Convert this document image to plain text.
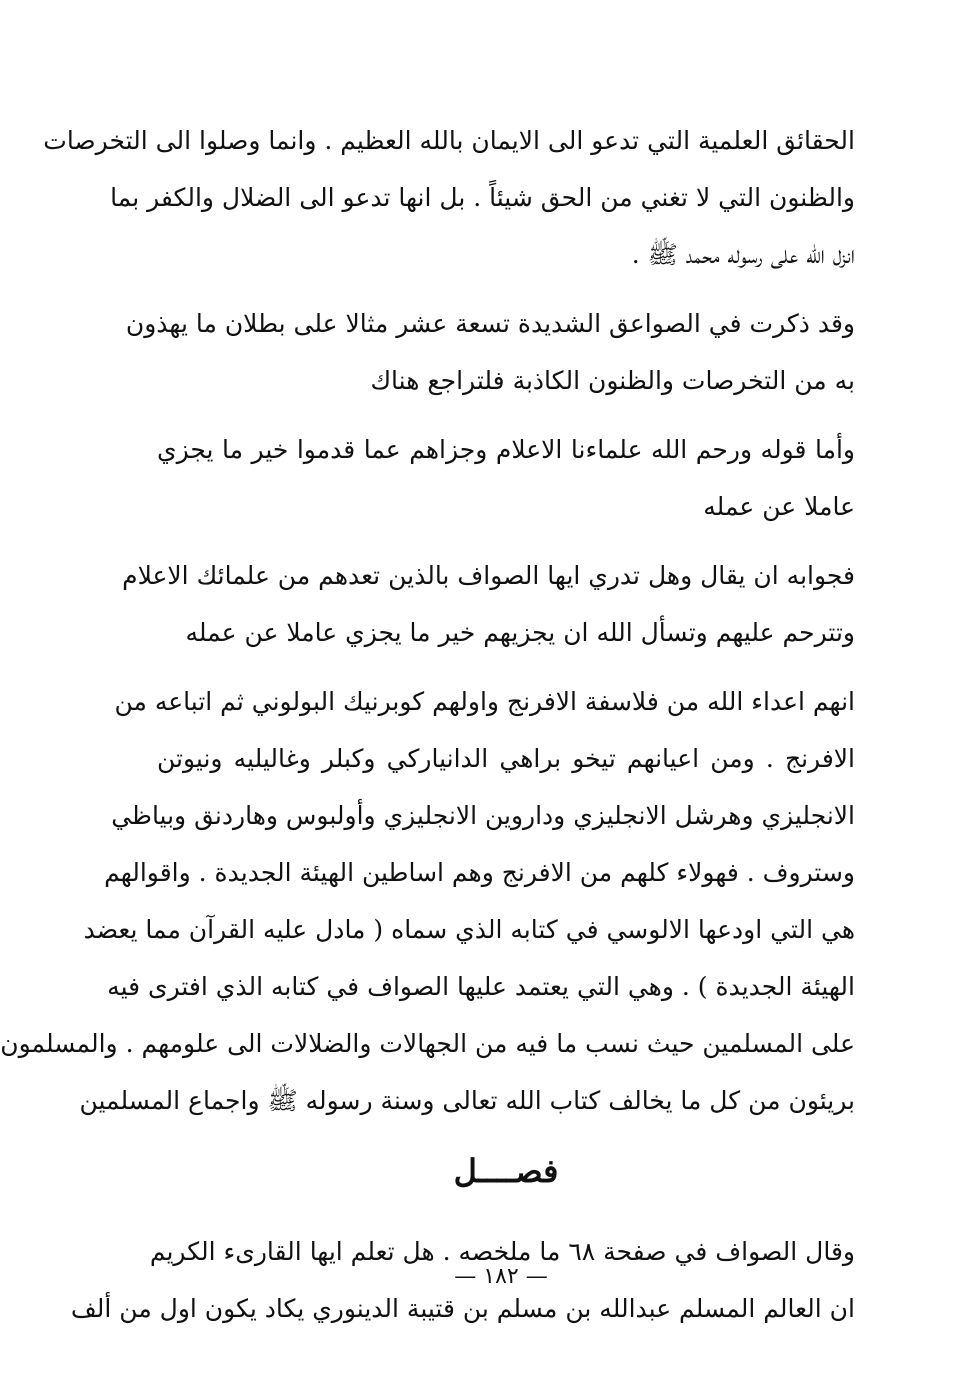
الحقائق العلمية التي تدعو الى الايمان بالله العظيم . وانما وصلوا الى التخرصات
والظنون التي لا تغني من الحق شيئاً . بل انها تدعو الى الضلال والكفر بما
انزل الله على رسوله محمد ﷺ .
وقد ذكرت في الصواعق الشديدة تسعة عشر مثالا على بطلان ما يهذون
به من التخرصات والظنون الكاذبة فلتراجع هناك
وأما قوله ورحم الله علماءنا الاعلام وجزاهم عما قدموا خير ما يجزي
عاملا عن عمله
فجوابه ان يقال وهل تدري ايها الصواف بالذين تعدهم من علمائك الاعلام
وتترحم عليهم وتسأل الله ان يجزيهم خير ما يجزي عاملا عن عمله
انهم اعداء الله من فلاسفة الافرنج واولهم كوبرنيك البولوني ثم اتباعه من
الافرنج . ومن اعيانهم تيخو براهي الدانياركي وكبلر وغاليليه ونيوتن
الانجليزي وهرشل الانجليزي وداروين الانجليزي وأولبوس وهاردنق وبياظي
وستروف . فهولاء كلهم من الافرنج وهم اساطين الهيئة الجديدة . واقوالهم
هي التي اودعها الالوسي في كتابه الذي سماه ( مادل عليه القرآن مما يعضد
الهيئة الجديدة ) . وهي التي يعتمد عليها الصواف في كتابه الذي افترى فيه
على المسلمين حيث نسب ما فيه من الجهالات والضلالات الى علومهم . والمسلمون
بريئون من كل ما يخالف كتاب الله تعالى وسنة رسوله ﷺ واجماع المسلمين
فصــــل
وقال الصواف في صفحة ٦٨ ما ملخصه . هل تعلم ايها القارىء الكريم
ان العالم المسلم عبدالله بن مسلم بن قتيبة الدينوري يكاد يكون اول من ألف
— ١٨٢ —
